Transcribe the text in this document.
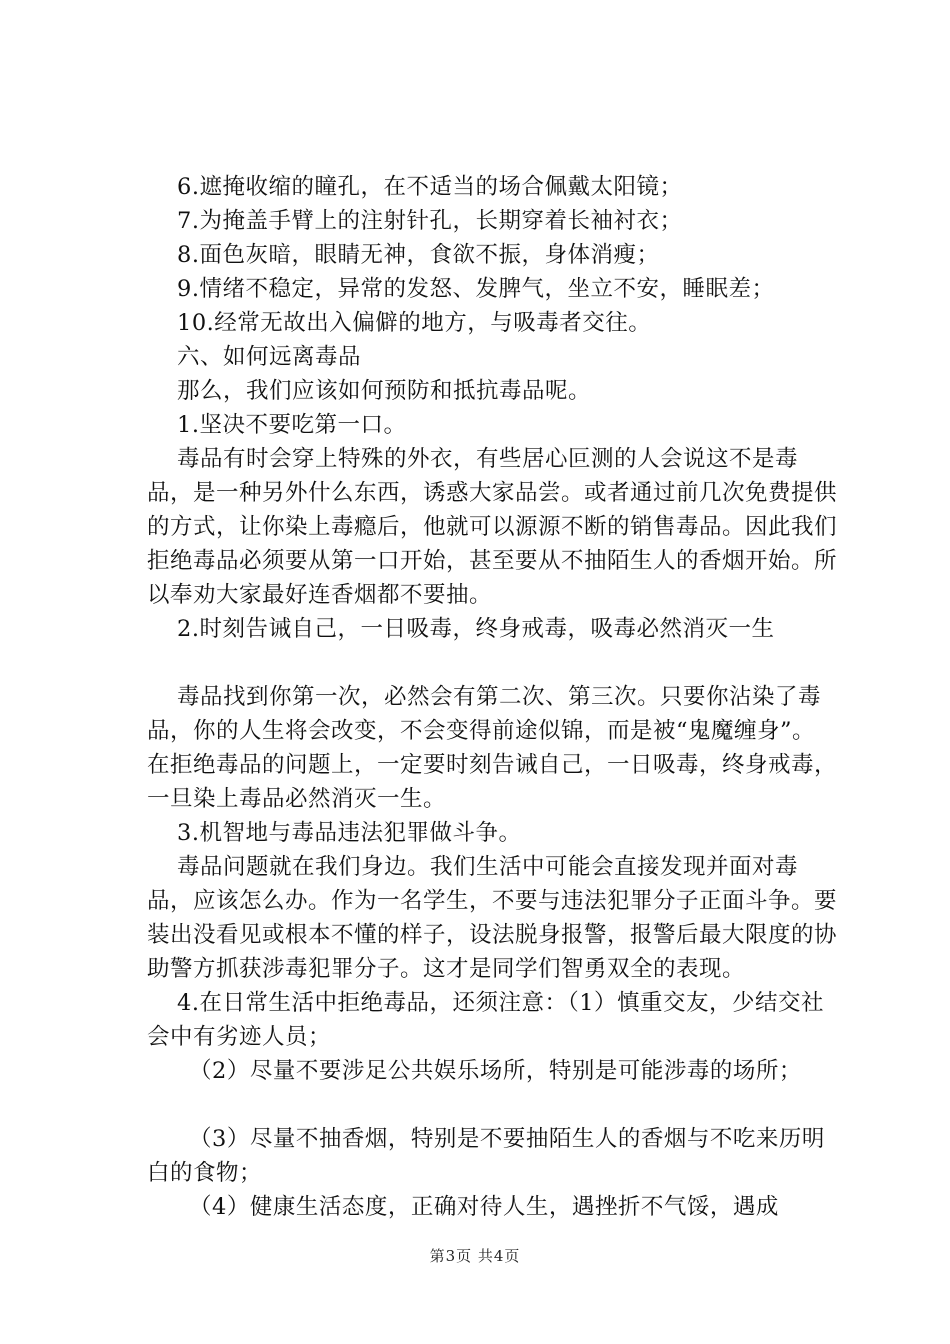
6.遮掩收缩的瞳孔，在不适当的场合佩戴太阳镜；

7.为掩盖手臂上的注射针孔，长期穿着长袖衬衣；

8.面色灰暗，眼睛无神，食欲不振，身体消瘦；

9.情绪不稳定，异常的发怒、发脾气，坐立不安，睡眠差；

10.经常无故出入偏僻的地方，与吸毒者交往。

六、如何远离毒品

那么，我们应该如何预防和抵抗毒品呢。

1.坚决不要吃第一口。

毒品有时会穿上特殊的外衣，有些居心叵测的人会说这不是毒品，是一种另外什么东西，诱惑大家品尝。或者通过前几次免费提供的方式，让你染上毒瘾后，他就可以源源不断的销售毒品。因此我们拒绝毒品必须要从第一口开始，甚至要从不抽陌生人的香烟开始。所以奉劝大家最好连香烟都不要抽。

2.时刻告诫自己，一日吸毒，终身戒毒，吸毒必然消灭一生

毒品找到你第一次，必然会有第二次、第三次。只要你沾染了毒品，你的人生将会改变，不会变得前途似锦，而是被“鬼魔缠身”。在拒绝毒品的问题上，一定要时刻告诫自己，一日吸毒，终身戒毒，一旦染上毒品必然消灭一生。

3.机智地与毒品违法犯罪做斗争。

毒品问题就在我们身边。我们生活中可能会直接发现并面对毒品，应该怎么办。作为一名学生，不要与违法犯罪分子正面斗争。要装出没看见或根本不懂的样子，设法脱身报警，报警后最大限度的协助警方抓获涉毒犯罪分子。这才是同学们智勇双全的表现。

4.在日常生活中拒绝毒品，还须注意：（1）慎重交友，少结交社会中有劣迹人员；

（2）尽量不要涉足公共娱乐场所，特别是可能涉毒的场所；

（3）尽量不抽香烟，特别是不要抽陌生人的香烟与不吃来历明白的食物；

（4）健康生活态度，正确对待人生，遇挫折不气馁，遇成

第3页 共4页
